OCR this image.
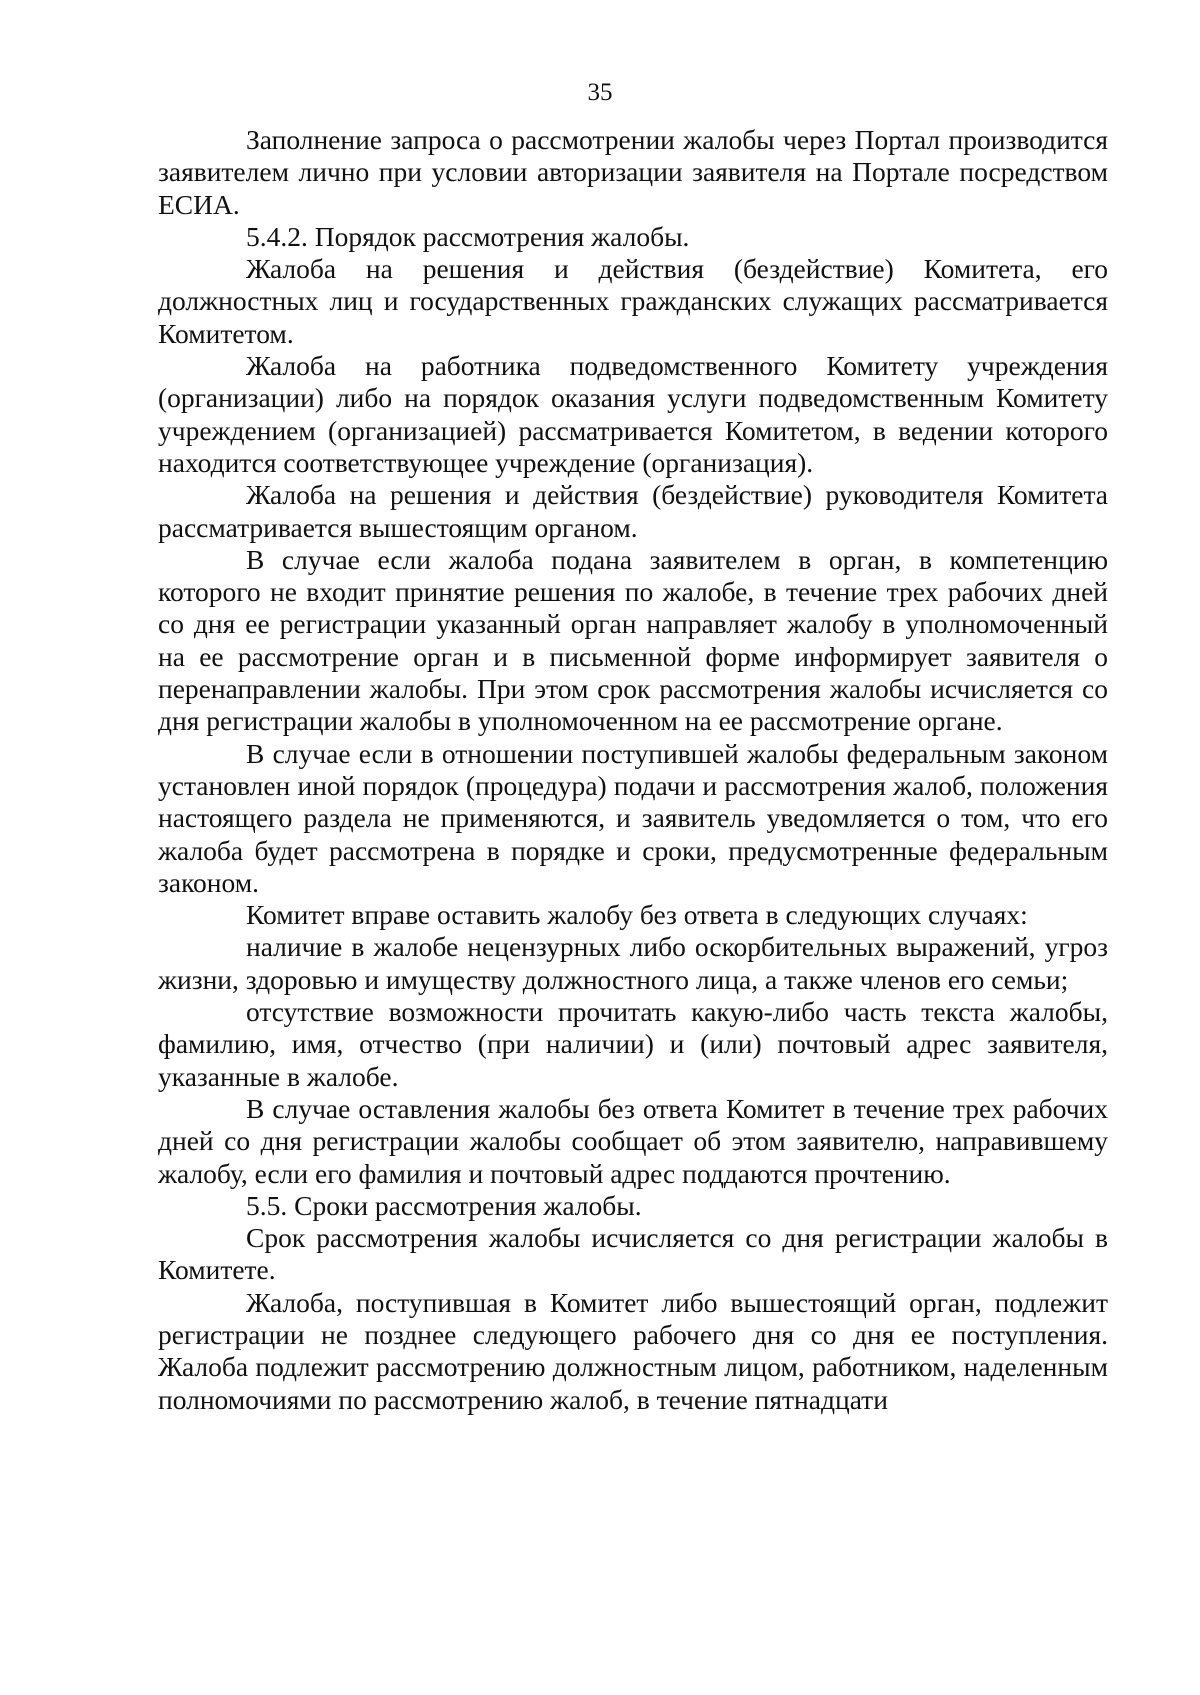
35

Заполнение запроса о рассмотрении жалобы через Портал производится заявителем лично при условии авторизации заявителя на Портале посредством ЕСИА.

5.4.2. Порядок рассмотрения жалобы.

Жалоба на решения и действия (бездействие) Комитета, его должностных лиц и государственных гражданских служащих рассматривается Комитетом.

Жалоба на работника подведомственного Комитету учреждения (организации) либо на порядок оказания услуги подведомственным Комитету учреждением (организацией) рассматривается Комитетом, в ведении которого находится соответствующее учреждение (организация).

Жалоба на решения и действия (бездействие) руководителя Комитета рассматривается вышестоящим органом.

В случае если жалоба подана заявителем в орган, в компетенцию которого не входит принятие решения по жалобе, в течение трех рабочих дней со дня ее регистрации указанный орган направляет жалобу в уполномоченный на ее рассмотрение орган и в письменной форме информирует заявителя о перенаправлении жалобы. При этом срок рассмотрения жалобы исчисляется со дня регистрации жалобы в уполномоченном на ее рассмотрение органе.

В случае если в отношении поступившей жалобы федеральным законом установлен иной порядок (процедура) подачи и рассмотрения жалоб, положения настоящего раздела не применяются, и заявитель уведомляется о том, что его жалоба будет рассмотрена в порядке и сроки, предусмотренные федеральным законом.

Комитет вправе оставить жалобу без ответа в следующих случаях:

наличие в жалобе нецензурных либо оскорбительных выражений, угроз жизни, здоровью и имуществу должностного лица, а также членов его семьи;

отсутствие возможности прочитать какую-либо часть текста жалобы, фамилию, имя, отчество (при наличии) и (или) почтовый адрес заявителя, указанные в жалобе.

В случае оставления жалобы без ответа Комитет в течение трех рабочих дней со дня регистрации жалобы сообщает об этом заявителю, направившему жалобу, если его фамилия и почтовый адрес поддаются прочтению.

5.5. Сроки рассмотрения жалобы.

Срок рассмотрения жалобы исчисляется со дня регистрации жалобы в Комитете.

Жалоба, поступившая в Комитет либо вышестоящий орган, подлежит регистрации не позднее следующего рабочего дня со дня ее поступления. Жалоба подлежит рассмотрению должностным лицом, работником, наделенным полномочиями по рассмотрению жалоб, в течение пятнадцати
